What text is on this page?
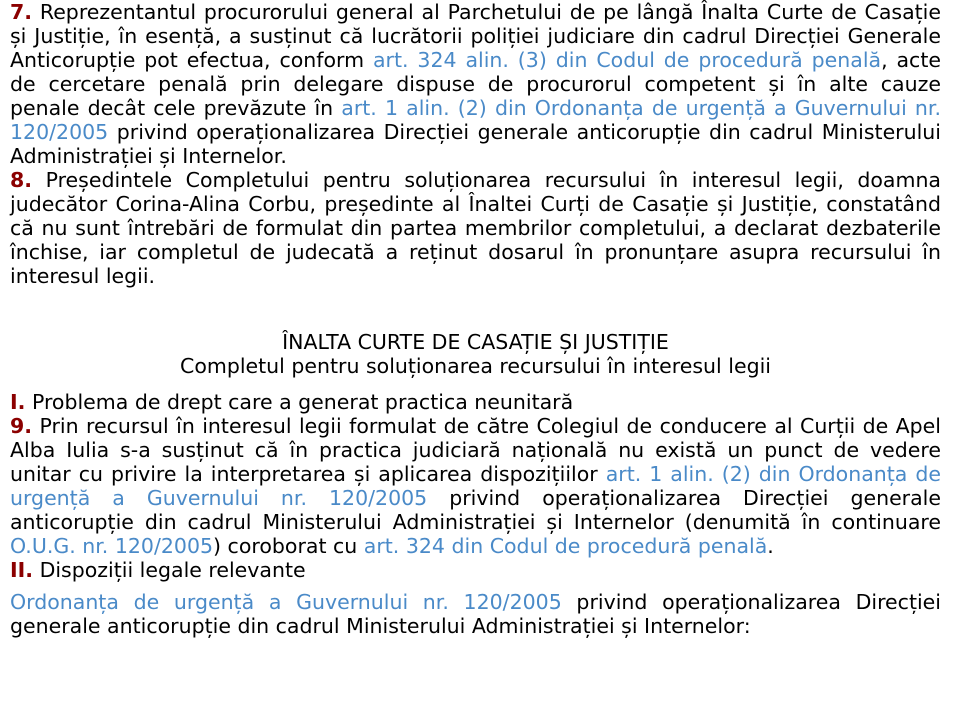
7. Reprezentantul procurorului general al Parchetului de pe lângă Înalta Curte de Casație și Justiție, în esență, a susținut că lucrătorii poliției judiciare din cadrul Direcției Generale Anticorupție pot efectua, conform art. 324 alin. (3) din Codul de procedură penală, acte de cercetare penală prin delegare dispuse de procurorul competent și în alte cauze penale decât cele prevăzute în art. 1 alin. (2) din Ordonanța de urgență a Guvernului nr. 120/2005 privind operaționalizarea Direcției generale anticorupție din cadrul Ministerului Administrației și Internelor.

8. Președintele Completului pentru soluționarea recursului în interesul legii, doamna judecător Corina-Alina Corbu, președinte al Înaltei Curți de Casație și Justiție, constatând că nu sunt întrebări de formulat din partea membrilor completului, a declarat dezbaterile închise, iar completul de judecată a reținut dosarul în pronunțare asupra recursului în interesul legii.

ÎNALTA CURTE DE CASAȚIE ȘI JUSTIȚIE

Completul pentru soluționarea recursului în interesul legii

I. Problema de drept care a generat practica neunitară

9. Prin recursul în interesul legii formulat de către Colegiul de conducere al Curții de Apel Alba Iulia s-a susținut că în practica judiciară națională nu există un punct de vedere unitar cu privire la interpretarea și aplicarea dispozițiilor art. 1 alin. (2) din Ordonanța de urgență a Guvernului nr. 120/2005 privind operaționalizarea Direcției generale anticorupție din cadrul Ministerului Administrației și Internelor (denumită în continuare O.U.G. nr. 120/2005) coroborat cu art. 324 din Codul de procedură penală.

II. Dispoziții legale relevante

Ordonanța de urgență a Guvernului nr. 120/2005 privind operaționalizarea Direcției generale anticorupție din cadrul Ministerului Administrației și Internelor:
